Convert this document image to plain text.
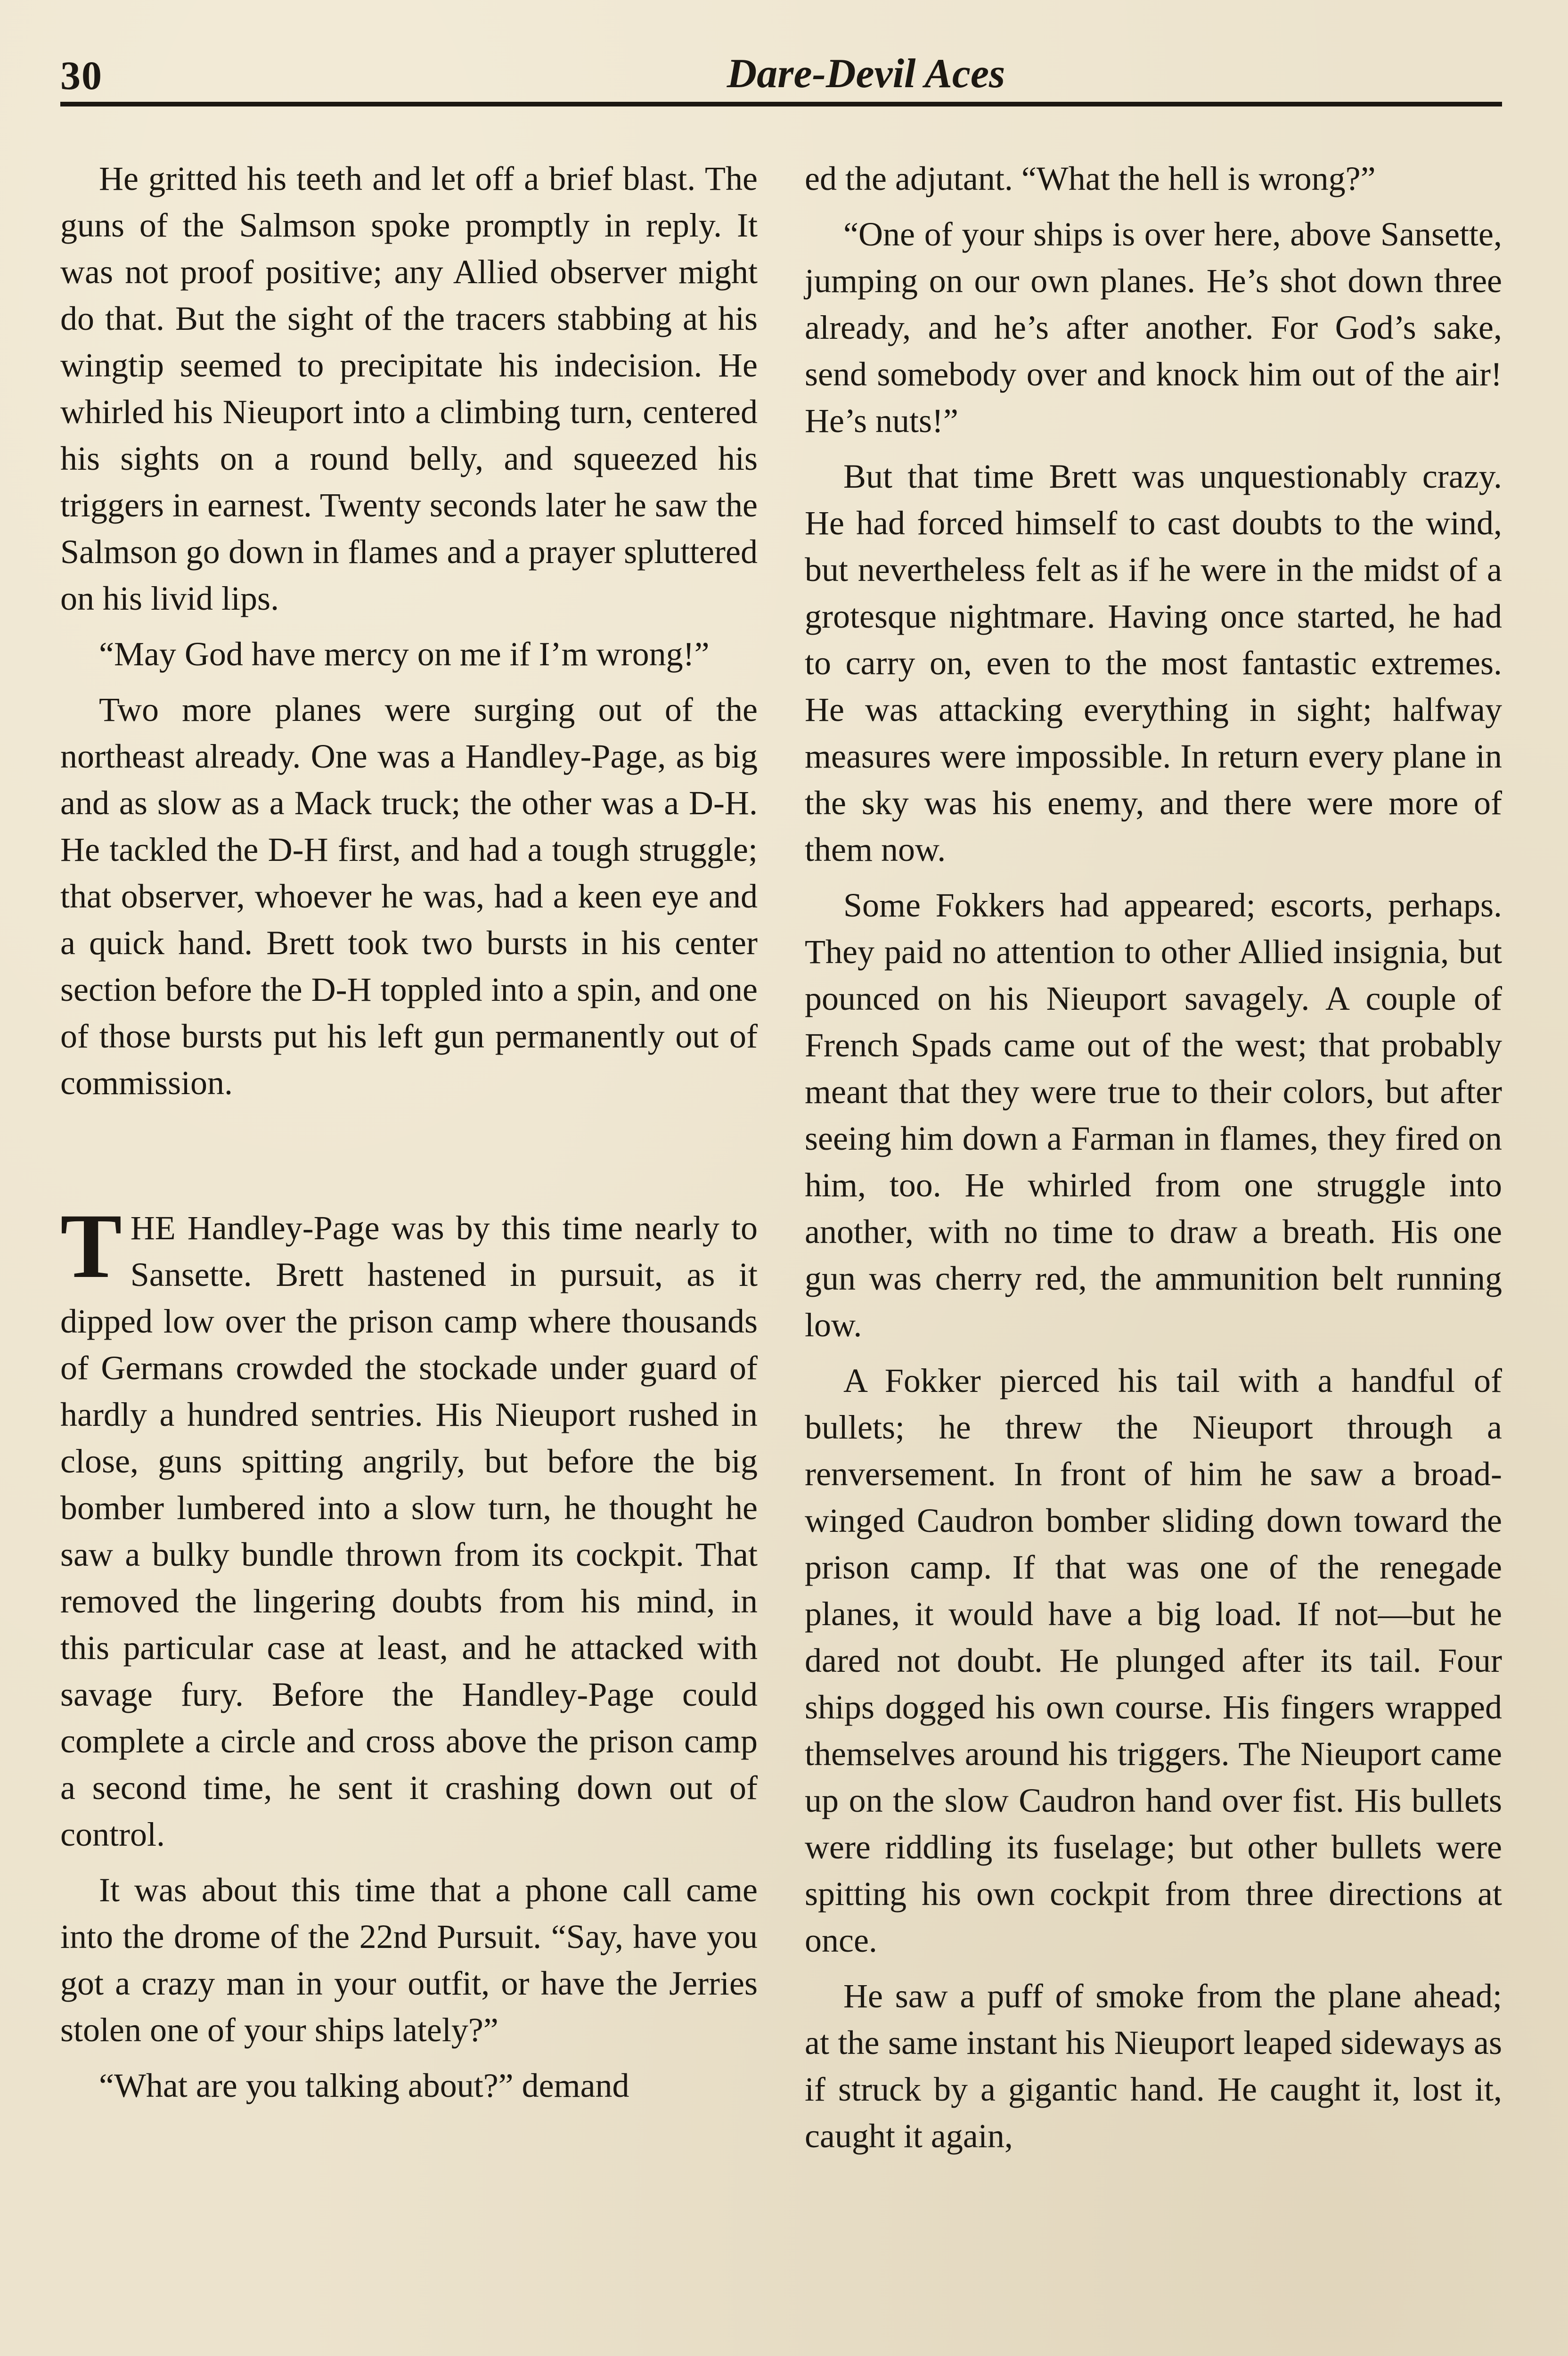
30	Dare-Devil Aces

He gritted his teeth and let off a brief blast. The guns of the Salmson spoke promptly in reply. It was not proof positive; any Allied observer might do that. But the sight of the tracers stabbing at his wingtip seemed to precipitate his indecision. He whirled his Nieuport into a climbing turn, centered his sights on a round belly, and squeezed his triggers in earnest. Twenty seconds later he saw the Salmson go down in flames and a prayer spluttered on his livid lips.

“May God have mercy on me if I’m wrong!”

Two more planes were surging out of the northeast already. One was a Handley-Page, as big and as slow as a Mack truck; the other was a D-H. He tackled the D-H first, and had a tough struggle; that observer, whoever he was, had a keen eye and a quick hand. Brett took two bursts in his center section before the D-H toppled into a spin, and one of those bursts put his left gun permanently out of commission.

THE Handley-Page was by this time nearly to Sansette. Brett hastened in pursuit, as it dipped low over the prison camp where thousands of Germans crowded the stockade under guard of hardly a hundred sentries. His Nieuport rushed in close, guns spitting angrily, but before the big bomber lumbered into a slow turn, he thought he saw a bulky bundle thrown from its cockpit. That removed the lingering doubts from his mind, in this particular case at least, and he attacked with savage fury. Before the Handley-Page could complete a circle and cross above the prison camp a second time, he sent it crashing down out of control.

It was about this time that a phone call came into the drome of the 22nd Pursuit. “Say, have you got a crazy man in your outfit, or have the Jerries stolen one of your ships lately?”

“What are you talking about?” demand

ed the adjutant. “What the hell is wrong?”

“One of your ships is over here, above Sansette, jumping on our own planes. He’s shot down three already, and he’s after another. For God’s sake, send somebody over and knock him out of the air! He’s nuts!”

But that time Brett was unquestionably crazy. He had forced himself to cast doubts to the wind, but nevertheless felt as if he were in the midst of a grotesque nightmare. Having once started, he had to carry on, even to the most fantastic extremes. He was attacking everything in sight; halfway measures were impossible. In return every plane in the sky was his enemy, and there were more of them now.

Some Fokkers had appeared; escorts, perhaps. They paid no attention to other Allied insignia, but pounced on his Nieuport savagely. A couple of French Spads came out of the west; that probably meant that they were true to their colors, but after seeing him down a Farman in flames, they fired on him, too. He whirled from one struggle into another, with no time to draw a breath. His one gun was cherry red, the ammunition belt running low.

A Fokker pierced his tail with a handful of bullets; he threw the Nieuport through a renversement. In front of him he saw a broad-winged Caudron bomber sliding down toward the prison camp. If that was one of the renegade planes, it would have a big load. If not—but he dared not doubt. He plunged after its tail. Four ships dogged his own course. His fingers wrapped themselves around his triggers. The Nieuport came up on the slow Caudron hand over fist. His bullets were riddling its fuselage; but other bullets were spitting his own cockpit from three directions at once.

He saw a puff of smoke from the plane ahead; at the same instant his Nieuport leaped sideways as if struck by a gigantic hand. He caught it, lost it, caught it again,
